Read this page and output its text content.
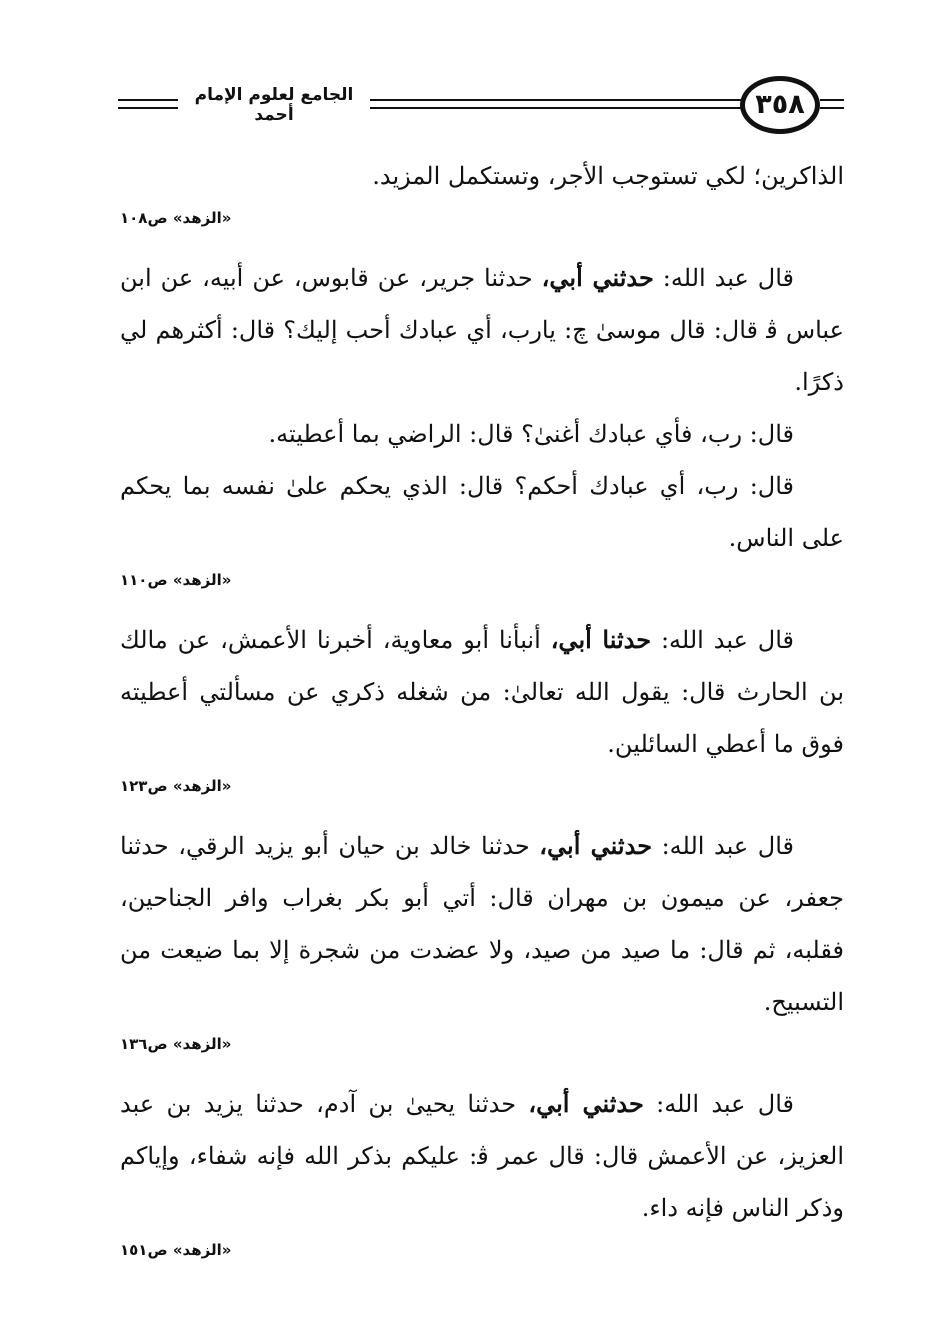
الجامع لعلوم الإمام أحمد	٣٥٨

الذاكرين؛ لكي تستوجب الأجر، وتستكمل المزيد.

«الزهد» ص١٠٨

قال عبد الله: حدثني أبي، حدثنا جرير، عن قابوس، عن أبيه، عن ابن عباس ﭬ قال: قال موسىٰ ﭺ: يارب، أي عبادك أحب إليك؟ قال: أكثرهم لي ذكرًا.

قال: رب، فأي عبادك أغنىٰ؟ قال: الراضي بما أعطيته.

قال: رب، أي عبادك أحكم؟ قال: الذي يحكم علىٰ نفسه بما يحكم على الناس.

«الزهد» ص١١٠

قال عبد الله: حدثنا أبي، أنبأنا أبو معاوية، أخبرنا الأعمش، عن مالك بن الحارث قال: يقول الله تعالىٰ: من شغله ذكري عن مسألتي أعطيته فوق ما أعطي السائلين.

«الزهد» ص١٢٣

قال عبد الله: حدثني أبي، حدثنا خالد بن حيان أبو يزيد الرقي، حدثنا جعفر، عن ميمون بن مهران قال: أتي أبو بكر بغراب وافر الجناحين، فقلبه، ثم قال: ما صيد من صيد، ولا عضدت من شجرة إلا بما ضيعت من التسبيح.

«الزهد» ص١٣٦

قال عبد الله: حدثني أبي، حدثنا يحيىٰ بن آدم، حدثنا يزيد بن عبد العزيز، عن الأعمش قال: قال عمر ﭬ: عليكم بذكر الله فإنه شفاء، وإياكم وذكر الناس فإنه داء.

«الزهد» ص١٥١
